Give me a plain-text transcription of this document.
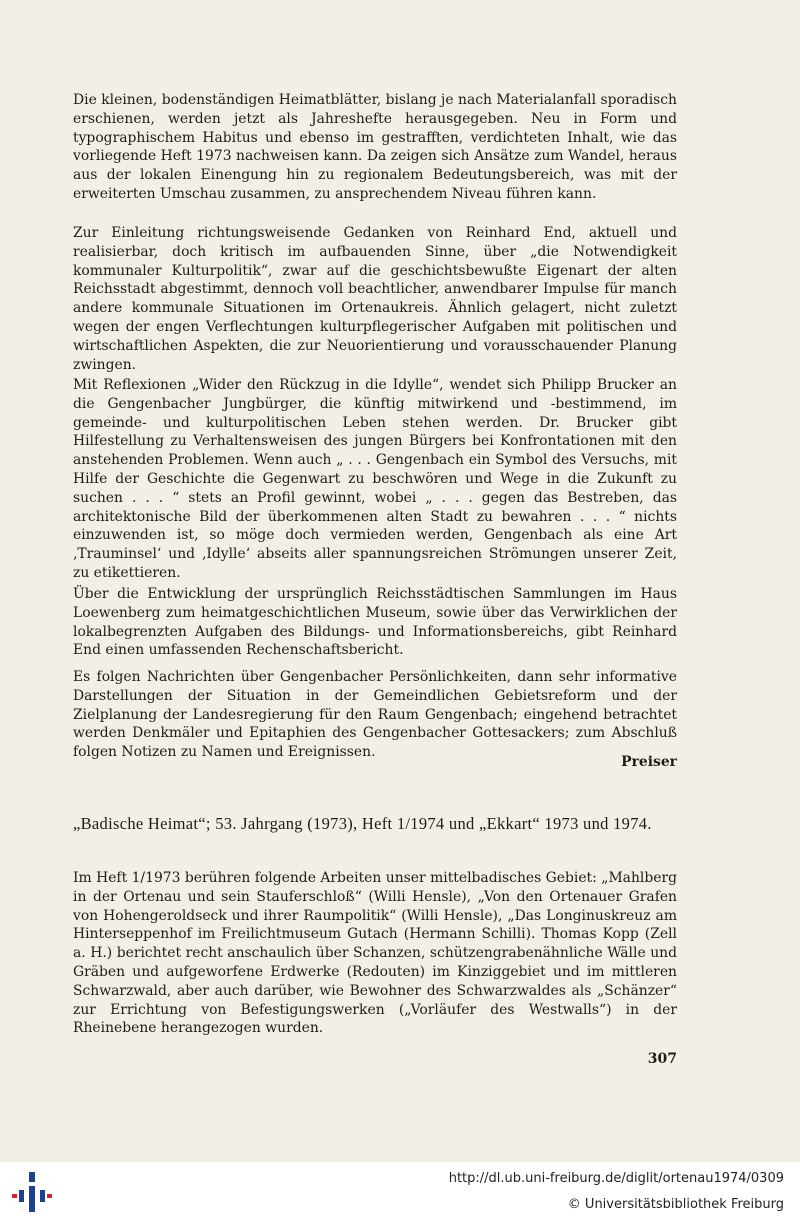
Die kleinen, bodenständigen Heimatblätter, bislang je nach Materialanfall sporadisch erschienen, werden jetzt als Jahreshefte herausgegeben. Neu in Form und typographischem Habitus und ebenso im gestrafften, verdichteten Inhalt, wie das vorliegende Heft 1973 nachweisen kann. Da zeigen sich Ansätze zum Wandel, heraus aus der lokalen Einengung hin zu regionalem Bedeutungsbereich, was mit der erweiterten Umschau zusammen, zu ansprechendem Niveau führen kann.

Zur Einleitung richtungsweisende Gedanken von Reinhard End, aktuell und realisierbar, doch kritisch im aufbauenden Sinne, über „die Notwendigkeit kommunaler Kulturpolitik“, zwar auf die geschichtsbewußte Eigenart der alten Reichsstadt abgestimmt, dennoch voll beachtlicher, anwendbarer Impulse für manch andere kommunale Situationen im Ortenaukreis. Ähnlich gelagert, nicht zuletzt wegen der engen Verflechtungen kulturpflegerischer Aufgaben mit politischen und wirtschaftlichen Aspekten, die zur Neuorientierung und vorausschauender Planung zwingen.

Mit Reflexionen „Wider den Rückzug in die Idylle“, wendet sich Philipp Brucker an die Gengenbacher Jungbürger, die künftig mitwirkend und -bestimmend, im gemeinde- und kulturpolitischen Leben stehen werden. Dr. Brucker gibt Hilfestellung zu Verhaltensweisen des jungen Bürgers bei Konfrontationen mit den anstehenden Problemen. Wenn auch „ . . . Gengenbach ein Symbol des Versuchs, mit Hilfe der Geschichte die Gegenwart zu beschwören und Wege in die Zukunft zu suchen . . . “ stets an Profil gewinnt, wobei „ . . . gegen das Bestreben, das architektonische Bild der überkommenen alten Stadt zu bewahren . . . “ nichts einzuwenden ist, so möge doch vermieden werden, Gengenbach als eine Art ‚Trauminsel‘ und ‚Idylle‘ abseits aller spannungsreichen Strömungen unserer Zeit, zu etikettieren.

Über die Entwicklung der ursprünglich Reichsstädtischen Sammlungen im Haus Loewenberg zum heimatgeschichtlichen Museum, sowie über das Verwirklichen der lokalbegrenzten Aufgaben des Bildungs- und Informationsbereichs, gibt Reinhard End einen umfassenden Rechenschaftsbericht.

Es folgen Nachrichten über Gengenbacher Persönlichkeiten, dann sehr informative Darstellungen der Situation in der Gemeindlichen Gebietsreform und der Zielplanung der Landesregierung für den Raum Gengenbach; eingehend betrachtet werden Denkmäler und Epitaphien des Gengenbacher Gottesackers; zum Abschluß folgen Notizen zu Namen und Ereignissen.

Preiser

„Badische Heimat“; 53. Jahrgang (1973), Heft 1/1974 und „Ekkart“ 1973 und 1974.

Im Heft 1/1973 berühren folgende Arbeiten unser mittelbadisches Gebiet: „Mahlberg in der Ortenau und sein Stauferschloß“ (Willi Hensle), „Von den Ortenauer Grafen von Hohengeroldseck und ihrer Raumpolitik“ (Willi Hensle), „Das Longinuskreuz am Hinterseppenhof im Freilichtmuseum Gutach (Hermann Schilli). Thomas Kopp (Zell a. H.) berichtet recht anschaulich über Schanzen, schützengrabenähnliche Wälle und Gräben und aufgeworfene Erdwerke (Redouten) im Kinziggebiet und im mittleren Schwarzwald, aber auch darüber, wie Bewohner des Schwarzwaldes als „Schänzer“ zur Errichtung von Befestigungswerken („Vorläufer des Westwalls“) in der Rheinebene herangezogen wurden.

307
http://dl.ub.uni-freiburg.de/diglit/ortenau1974/0309
© Universitätsbibliothek Freiburg
